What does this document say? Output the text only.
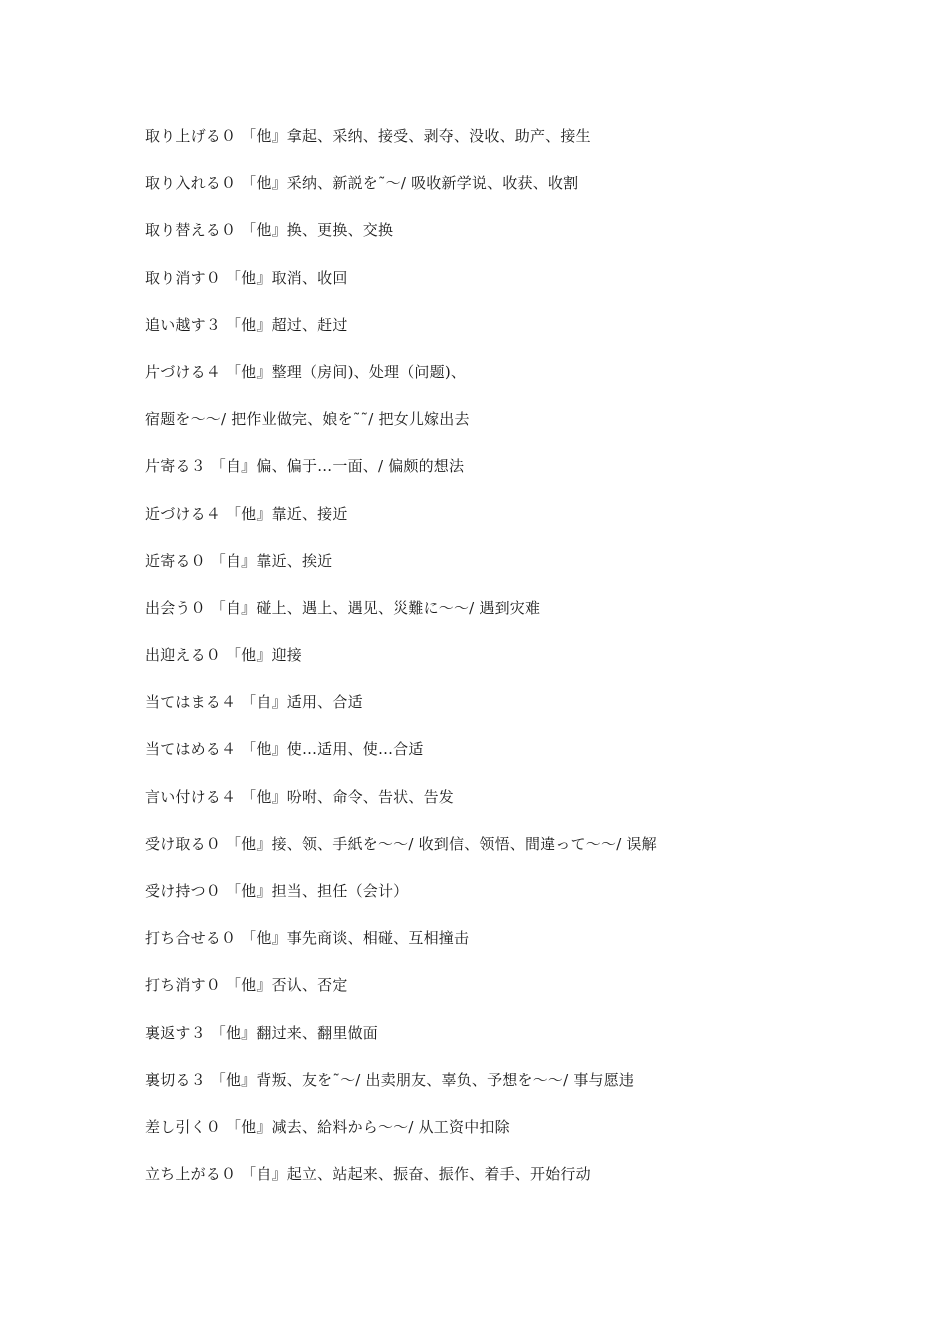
取り上げる０ 「他』拿起、采纳、接受、剥夺、没收、助产、接生
取り入れる０ 「他』采纳、新説を˜～/ 吸收新学说、收获、收割
取り替える０ 「他』换、更换、交换
取り消す０ 「他』取消、收回
追い越す３ 「他』超过、赶过
片づける４ 「他』整理（房间)、处理（问题)、
宿题を～～/ 把作业做完、娘を˜˜/ 把女儿嫁出去
片寄る３ 「自』偏、偏于…一面、/ 偏颇的想法
近づける４ 「他』靠近、接近
近寄る０ 「自』靠近、挨近
出会う０ 「自』碰上、遇上、遇见、災難に～～/ 遇到灾难
出迎える０ 「他』迎接
当てはまる４ 「自』适用、合适
当てはめる４ 「他』使…适用、使…合适
言い付ける４ 「他』吩咐、命令、告状、告发
受け取る０ 「他』接、领、手紙を～～/ 收到信、领悟、間違って～～/ 误解
受け持つ０ 「他』担当、担任（会计）
打ち合せる０ 「他』事先商谈、相碰、互相撞击
打ち消す０ 「他』否认、否定
裏返す３ 「他』翻过来、翻里做面
裏切る３ 「他』背叛、友を˜～/ 出卖朋友、辜负、予想を～～/ 事与愿违
差し引く０ 「他』减去、給料から～～/ 从工资中扣除
立ち上がる０ 「自』起立、站起来、振奋、振作、着手、开始行动
